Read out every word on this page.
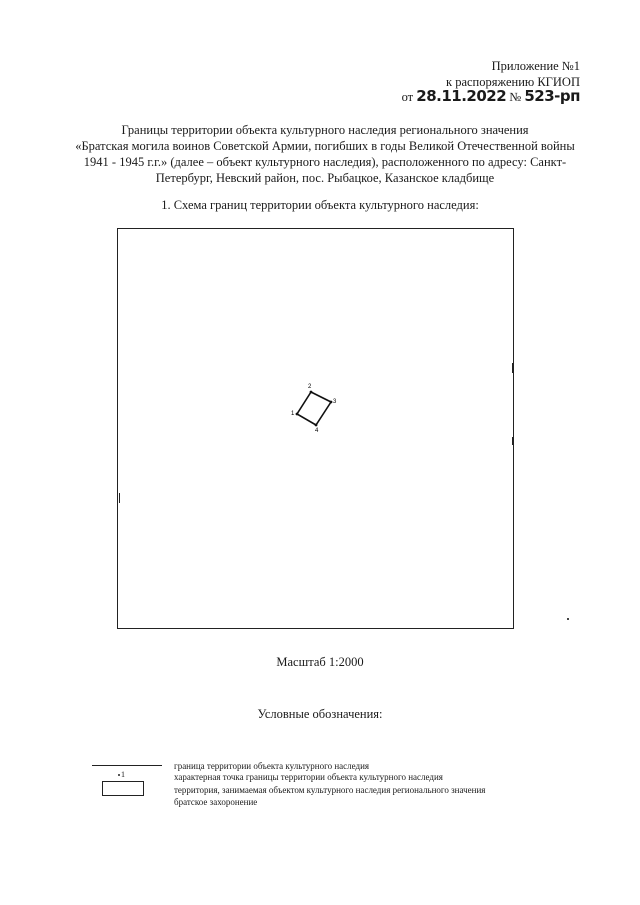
Приложение №1
к распоряжению КГИОП
от 28.11.2022 № 523-рп
Границы территории объекта культурного наследия регионального значения
«Братская могила воинов Советской Армии, погибших в годы Великой Отечественной войны
1941 - 1945 г.г.» (далее – объект культурного наследия), расположенного по адресу: Санкт-
Петербург, Невский район, пос. Рыбацкое, Казанское кладбище
1. Схема границ территории объекта культурного наследия:
1
2
3
4
Масштаб 1:2000
Условные обозначения:
1
граница территории объекта культурного наследия
характерная точка границы территории объекта культурного наследия
территория, занимаемая объектом культурного наследия регионального значения
братское захоронение
